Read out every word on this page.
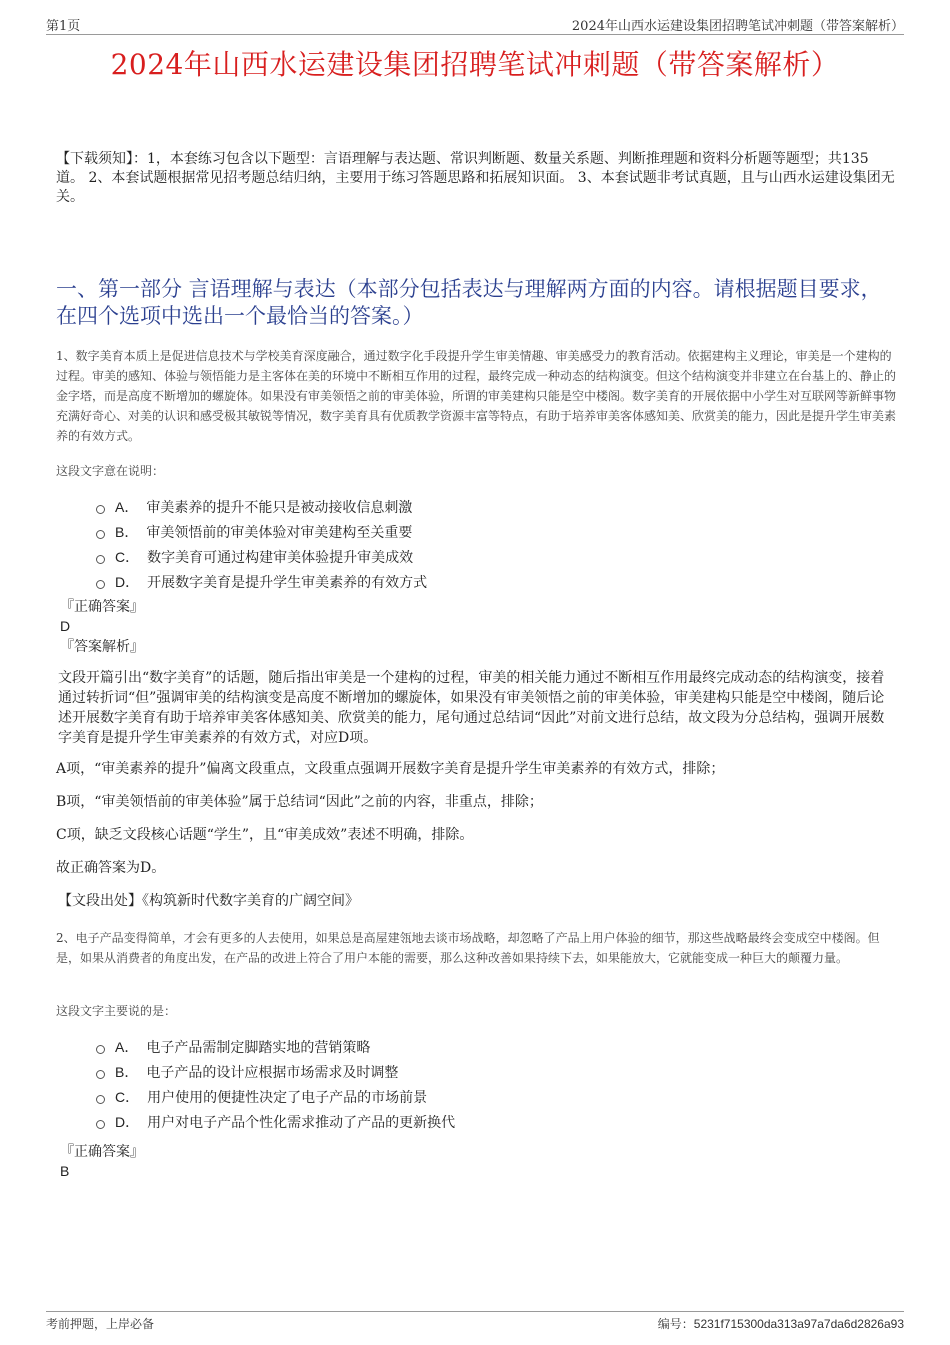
第1页	2024年山西水运建设集团招聘笔试冲刺题（带答案解析）
2024年山西水运建设集团招聘笔试冲刺题（带答案解析）
【下载须知】：1，本套练习包含以下题型：言语理解与表达题、常识判断题、数量关系题、判断推理题和资料分析题等题型；共135道。 2、本套试题根据常见招考题总结归纳，主要用于练习答题思路和拓展知识面。 3、本套试题非考试真题，且与山西水运建设集团无关。
一、第一部分 言语理解与表达（本部分包括表达与理解两方面的内容。请根据题目要求，在四个选项中选出一个最恰当的答案。）
1、数字美育本质上是促进信息技术与学校美育深度融合，通过数字化手段提升学生审美情趣、审美感受力的教育活动。依据建构主义理论，审美是一个建构的过程。审美的感知、体验与领悟能力是主客体在美的环境中不断相互作用的过程，最终完成一种动态的结构演变。但这个结构演变并非建立在台基上的、静止的金字塔，而是高度不断增加的螺旋体。如果没有审美领悟之前的审美体验，所谓的审美建构只能是空中楼阁。数字美育的开展依据中小学生对互联网等新鲜事物充满好奇心、对美的认识和感受极其敏锐等情况，数字美育具有优质教学资源丰富等特点，有助于培养审美客体感知美、欣赏美的能力，因此是提升学生审美素养的有效方式。
这段文字意在说明：
A． 审美素养的提升不能只是被动接收信息刺激
B． 审美领悟前的审美体验对审美建构至关重要
C． 数字美育可通过构建审美体验提升审美成效
D． 开展数字美育是提升学生审美素养的有效方式
『正确答案』
D
『答案解析』
文段开篇引出“数字美育”的话题，随后指出审美是一个建构的过程，审美的相关能力通过不断相互作用最终完成动态的结构演变，接着通过转折词“但”强调审美的结构演变是高度不断增加的螺旋体，如果没有审美领悟之前的审美体验，审美建构只能是空中楼阁，随后论述开展数字美育有助于培养审美客体感知美、欣赏美的能力，尾句通过总结词“因此”对前文进行总结，故文段为分总结构，强调开展数字美育是提升学生审美素养的有效方式，对应D项。
A项，“审美素养的提升”偏离文段重点，文段重点强调开展数字美育是提升学生审美素养的有效方式，排除；
B项，“审美领悟前的审美体验”属于总结词“因此”之前的内容，非重点，排除；
C项，缺乏文段核心话题“学生”，且“审美成效”表述不明确，排除。
故正确答案为D。
【文段出处】《构筑新时代数字美育的广阔空间》
2、电子产品变得简单，才会有更多的人去使用，如果总是高屋建瓴地去谈市场战略，却忽略了产品上用户体验的细节，那这些战略最终会变成空中楼阁。但是，如果从消费者的角度出发，在产品的改进上符合了用户本能的需要，那么这种改善如果持续下去，如果能放大，它就能变成一种巨大的颠覆力量。
这段文字主要说的是：
A． 电子产品需制定脚踏实地的营销策略
B． 电子产品的设计应根据市场需求及时调整
C． 用户使用的便捷性决定了电子产品的市场前景
D． 用户对电子产品个性化需求推动了产品的更新换代
『正确答案』
B
考前押题，上岸必备	编号：5231f715300da313a97a7da6d2826a93
